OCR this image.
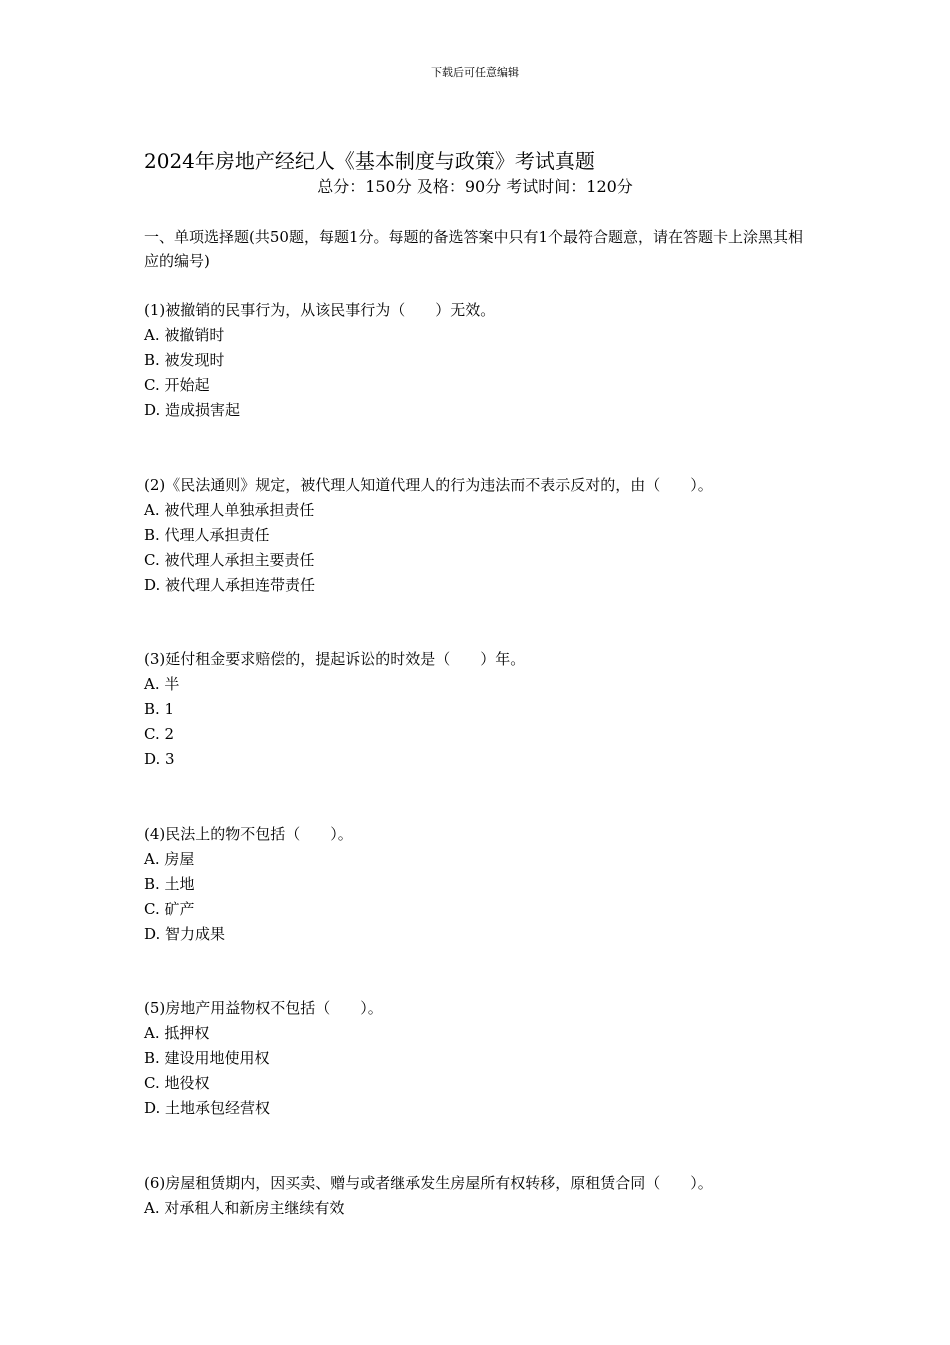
下载后可任意编辑
2024年房地产经纪人《基本制度与政策》考试真题
总分：150分 及格：90分 考试时间：120分
一、单项选择题(共50题，每题1分。每题的备选答案中只有1个最符合题意，请在答题卡上涂黑其相应的编号)
(1)被撤销的民事行为，从该民事行为（　　）无效。
A. 被撤销时
B. 被发现时
C. 开始起
D. 造成损害起
(2)《民法通则》规定，被代理人知道代理人的行为违法而不表示反对的，由（　　）。
A. 被代理人单独承担责任
B. 代理人承担责任
C. 被代理人承担主要责任
D. 被代理人承担连带责任
(3)延付租金要求赔偿的，提起诉讼的时效是（　　）年。
A. 半
B. 1
C. 2
D. 3
(4)民法上的物不包括（　　）。
A. 房屋
B. 土地
C. 矿产
D. 智力成果
(5)房地产用益物权不包括（　　）。
A. 抵押权
B. 建设用地使用权
C. 地役权
D. 土地承包经营权
(6)房屋租赁期内，因买卖、赠与或者继承发生房屋所有权转移，原租赁合同（　　）。
A. 对承租人和新房主继续有效
